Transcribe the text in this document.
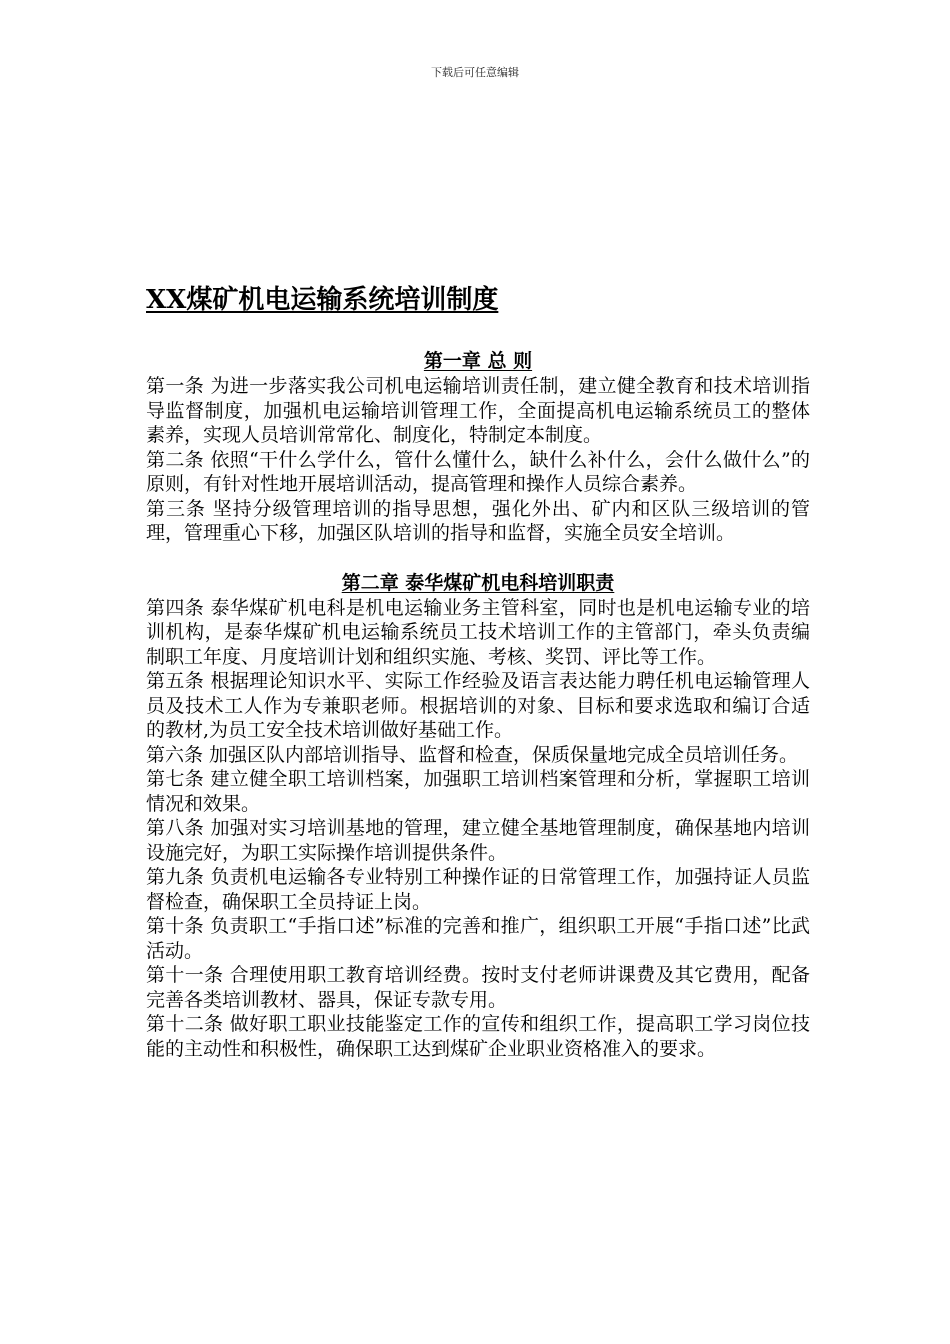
下载后可任意编辑
XX煤矿机电运输系统培训制度
第一章 总 则

第一条 为进一步落实我公司机电运输培训责任制，建立健全教育和技术培训指导监督制度，加强机电运输培训管理工作，全面提高机电运输系统员工的整体素养，实现人员培训常常化、制度化，特制定本制度。

第二条 依照“干什么学什么，管什么懂什么，缺什么补什么，会什么做什么”的原则，有针对性地开展培训活动，提高管理和操作人员综合素养。

第三条 坚持分级管理培训的指导思想，强化外出、矿内和区队三级培训的管理，管理重心下移，加强区队培训的指导和监督，实施全员安全培训。

第二章 泰华煤矿机电科培训职责

第四条 泰华煤矿机电科是机电运输业务主管科室，同时也是机电运输专业的培训机构，是泰华煤矿机电运输系统员工技术培训工作的主管部门，牵头负责编制职工年度、月度培训计划和组织实施、考核、奖罚、评比等工作。

第五条 根据理论知识水平、实际工作经验及语言表达能力聘任机电运输管理人员及技术工人作为专兼职老师。根据培训的对象、目标和要求选取和编订合适的教材,为员工安全技术培训做好基础工作。

第六条 加强区队内部培训指导、监督和检查，保质保量地完成全员培训任务。

第七条 建立健全职工培训档案，加强职工培训档案管理和分析，掌握职工培训情况和效果。

第八条 加强对实习培训基地的管理，建立健全基地管理制度，确保基地内培训设施完好，为职工实际操作培训提供条件。

第九条 负责机电运输各专业特别工种操作证的日常管理工作，加强持证人员监督检查，确保职工全员持证上岗。

第十条 负责职工“手指口述”标准的完善和推广，组织职工开展“手指口述”比武活动。

第十一条 合理使用职工教育培训经费。按时支付老师讲课费及其它费用，配备完善各类培训教材、器具，保证专款专用。

第十二条 做好职工职业技能鉴定工作的宣传和组织工作，提高职工学习岗位技能的主动性和积极性，确保职工达到煤矿企业职业资格准入的要求。
